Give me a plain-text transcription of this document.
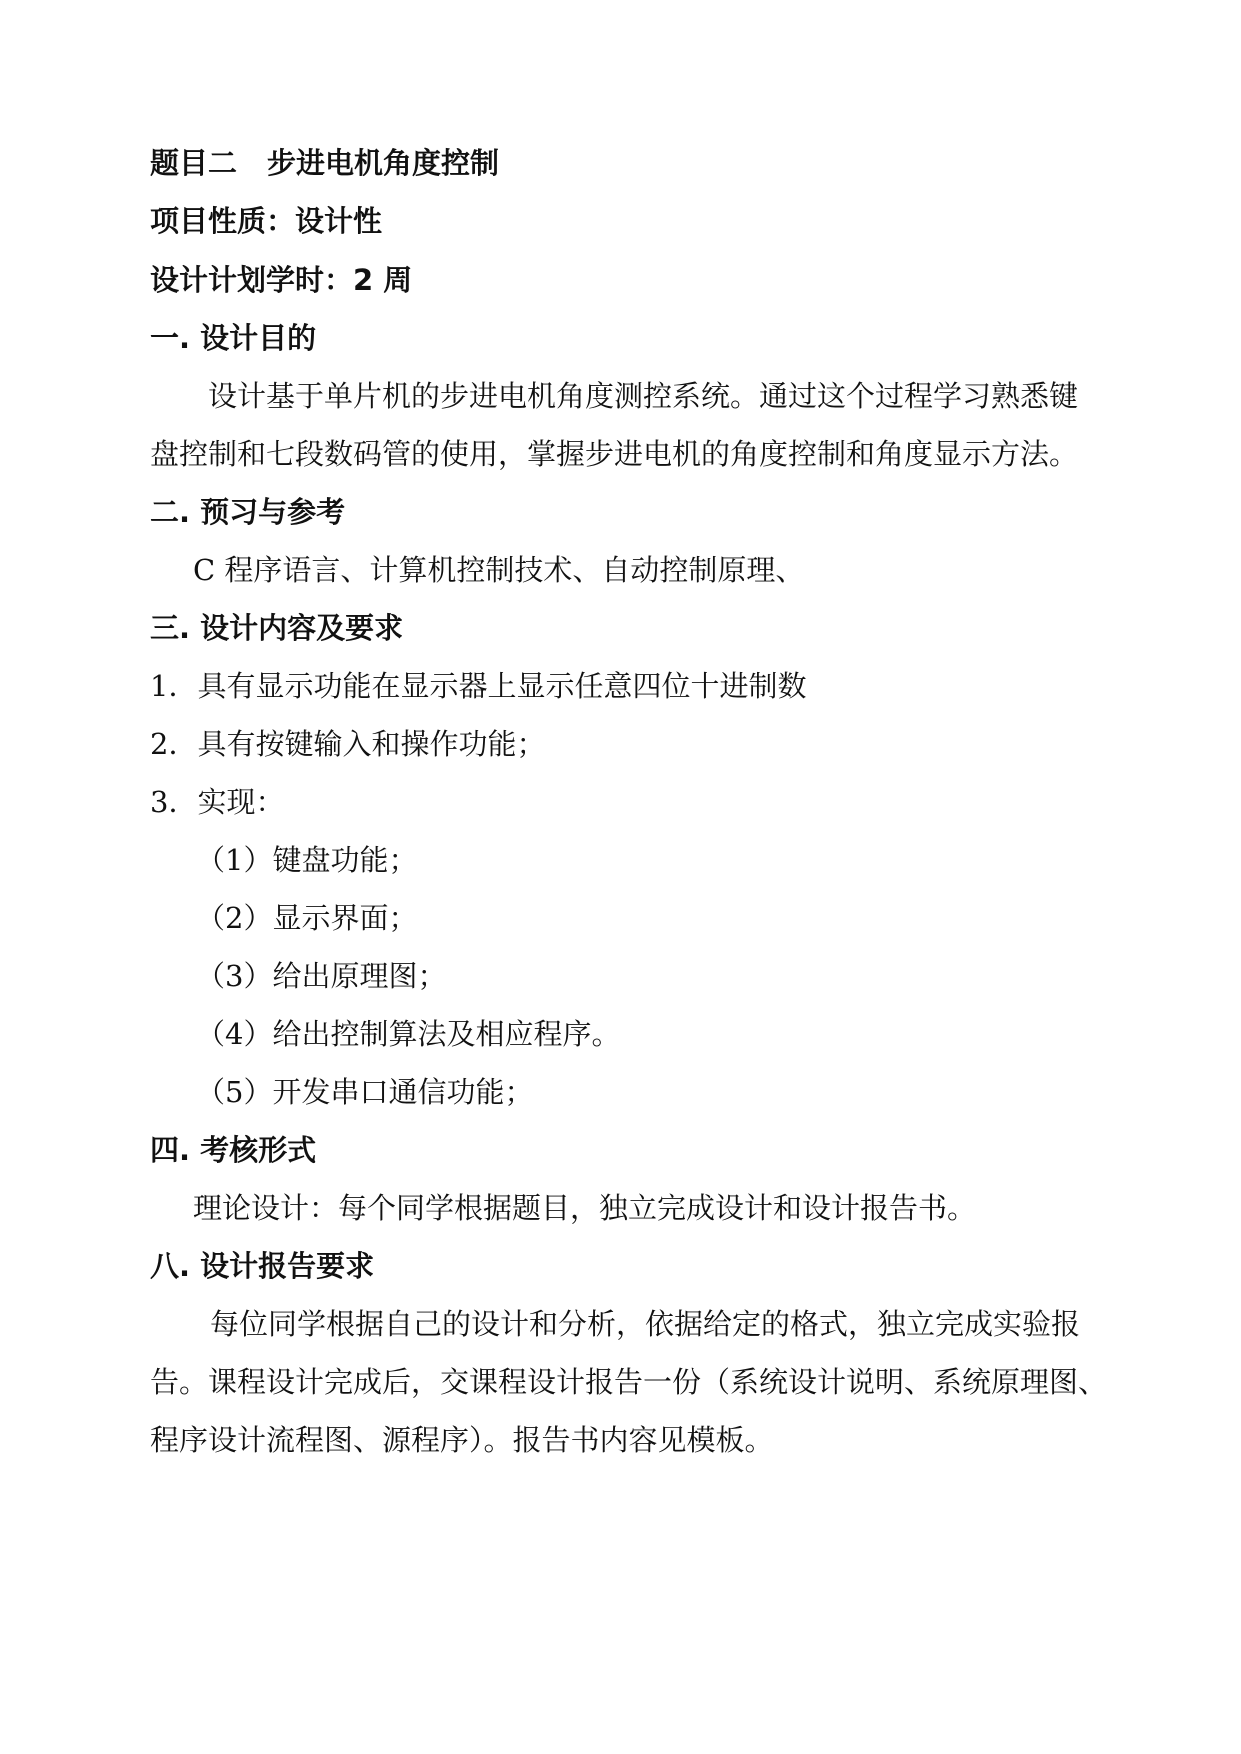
题目二 步进电机角度控制
项目性质：设计性
设计计划学时：2 周
一. 设计目的
设计基于单片机的步进电机角度测控系统。通过这个过程学习熟悉键
盘控制和七段数码管的使用，掌握步进电机的角度控制和角度显示方法。
二. 预习与参考
C 程序语言、计算机控制技术、自动控制原理、
三. 设计内容及要求
1．具有显示功能在显示器上显示任意四位十进制数
2．具有按键输入和操作功能；
3．实现：
（1）键盘功能；
（2）显示界面；
（3）给出原理图；
（4）给出控制算法及相应程序。
（5）开发串口通信功能；
四. 考核形式
理论设计：每个同学根据题目，独立完成设计和设计报告书。
八. 设计报告要求
每位同学根据自己的设计和分析，依据给定的格式，独立完成实验报
告。课程设计完成后，交课程设计报告一份（系统设计说明、系统原理图、
程序设计流程图、源程序）。报告书内容见模板。
